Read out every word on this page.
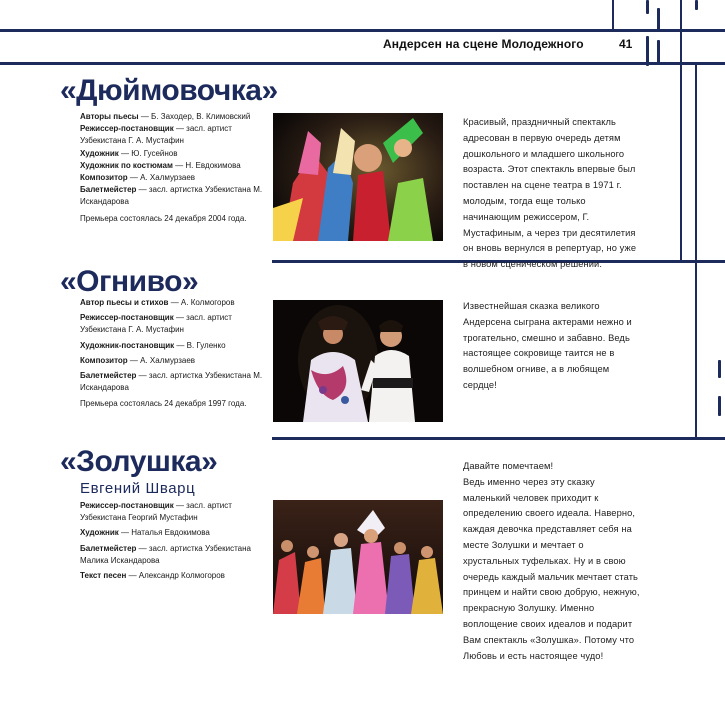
Андерсен на сцене Молодежного	41
«Дюймовочка»

Авторы пьесы — Б. Заходер, В. Климовский

Режиссер-постановщик — засл. артист Узбекистана Г. А. Мустафин

Художник — Ю. Гусейнов

Художник по костюмам — Н. Евдокимова

Композитор — А. Халмурзаев

Балетмейстер — засл. артистка Узбекистана М. Искандарова

Премьера состоялась 24 декабря 2004 года.

Красивый, праздничный спектакль адресован в первую очередь детям дошкольного и младшего школьного возраста. Этот спектакль впервые был поставлен на сцене театра в 1971 г. молодым, тогда еще только начинающим режиссером, Г. Мустафиным, а через три десятилетия он вновь вернулся в репертуар, но уже в новом сценическом решении.
«Огниво»

Автор пьесы и стихов — А. Колмогоров

Режиссер-постановщик — засл. артист Узбекистана Г. А. Мустафин

Художник-постановщик — В. Гуленко

Композитор — А. Халмурзаев

Балетмейстер — засл. артистка Узбекистана М. Искандарова

Премьера состоялась 24 декабря 1997 года.

Известнейшая сказка великого Андерсена сыграна актерами нежно и трогательно, смешно и забавно. Ведь настоящее сокровище таится не в волшебном огниве, а в любящем сердце!
«Золушка»
Евгений Шварц

Режиссер-постановщик — засл. артист Узбекистана Георгий Мустафин

Художник — Наталья Евдокимова

Балетмейстер — засл. артистка Узбекистана Малика Искандарова

Текст песен — Александр Колмогоров

Давайте помечтаем!

Ведь именно через эту сказку маленький человек приходит к определению своего идеала. Наверно, каждая девочка представляет себя на месте Золушки и мечтает о хрустальных туфельках. Ну и в свою очередь каждый мальчик мечтает стать принцем и найти свою добрую, нежную, прекрасную Золушку. Именно воплощение своих идеалов и подарит Вам спектакль «Золушка». Потому что Любовь и есть настоящее чудо!
